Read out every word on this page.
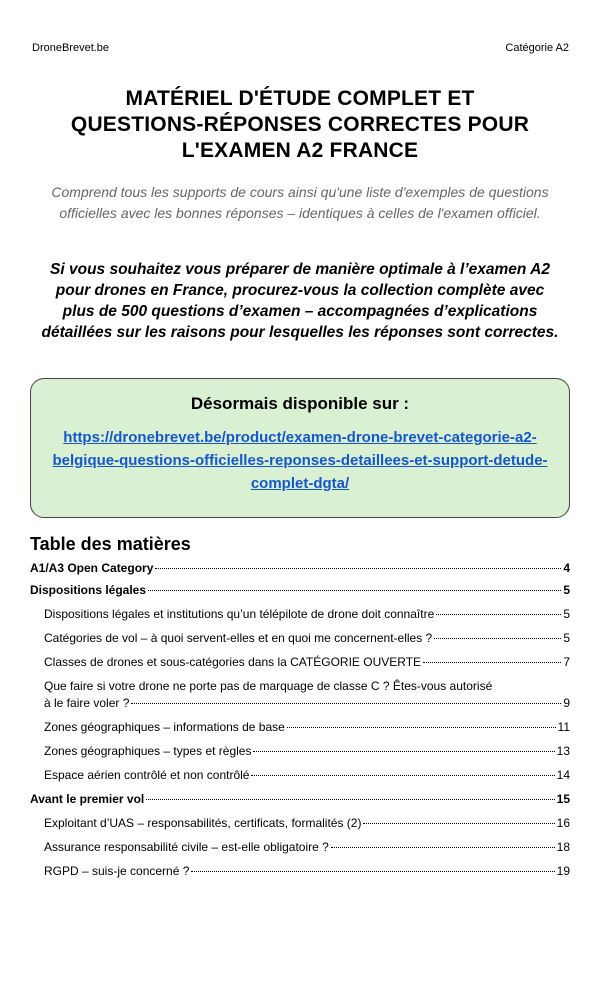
DroneBrevet.be	Catégorie A2
MATÉRIEL D'ÉTUDE COMPLET ET
QUESTIONS-RÉPONSES CORRECTES POUR
L'EXAMEN A2 FRANCE
Comprend tous les supports de cours ainsi qu'une liste d'exemples de questions officielles avec les bonnes réponses – identiques à celles de l'examen officiel.
Si vous souhaitez vous préparer de manière optimale à l’examen A2 pour drones en France, procurez-vous la collection complète avec plus de 500 questions d’examen – accompagnées d’explications détaillées sur les raisons pour lesquelles les réponses sont correctes.
Désormais disponible sur :
https://dronebrevet.be/product/examen-drone-brevet-categorie-a2-belgique-questions-officielles-reponses-detaillees-et-support-detude-complet-dgta/
Table des matières
A1/A3 Open Category	4
Dispositions légales	5
Dispositions légales et institutions qu’un télépilote de drone doit connaître	5
Catégories de vol – à quoi servent-elles et en quoi me concernent-elles ?	5
Classes de drones et sous-catégories dans la CATÉGORIE OUVERTE	7
Que faire si votre drone ne porte pas de marquage de classe C ? Êtes-vous autorisé
à le faire voler ?	9
Zones géographiques – informations de base	11
Zones géographiques – types et règles	13
Espace aérien contrôlé et non contrôlé	14
Avant le premier vol	15
Exploitant d’UAS – responsabilités, certificats, formalités (2)	16
Assurance responsabilité civile – est-elle obligatoire ?	18
RGPD – suis-je concerné ?	19
